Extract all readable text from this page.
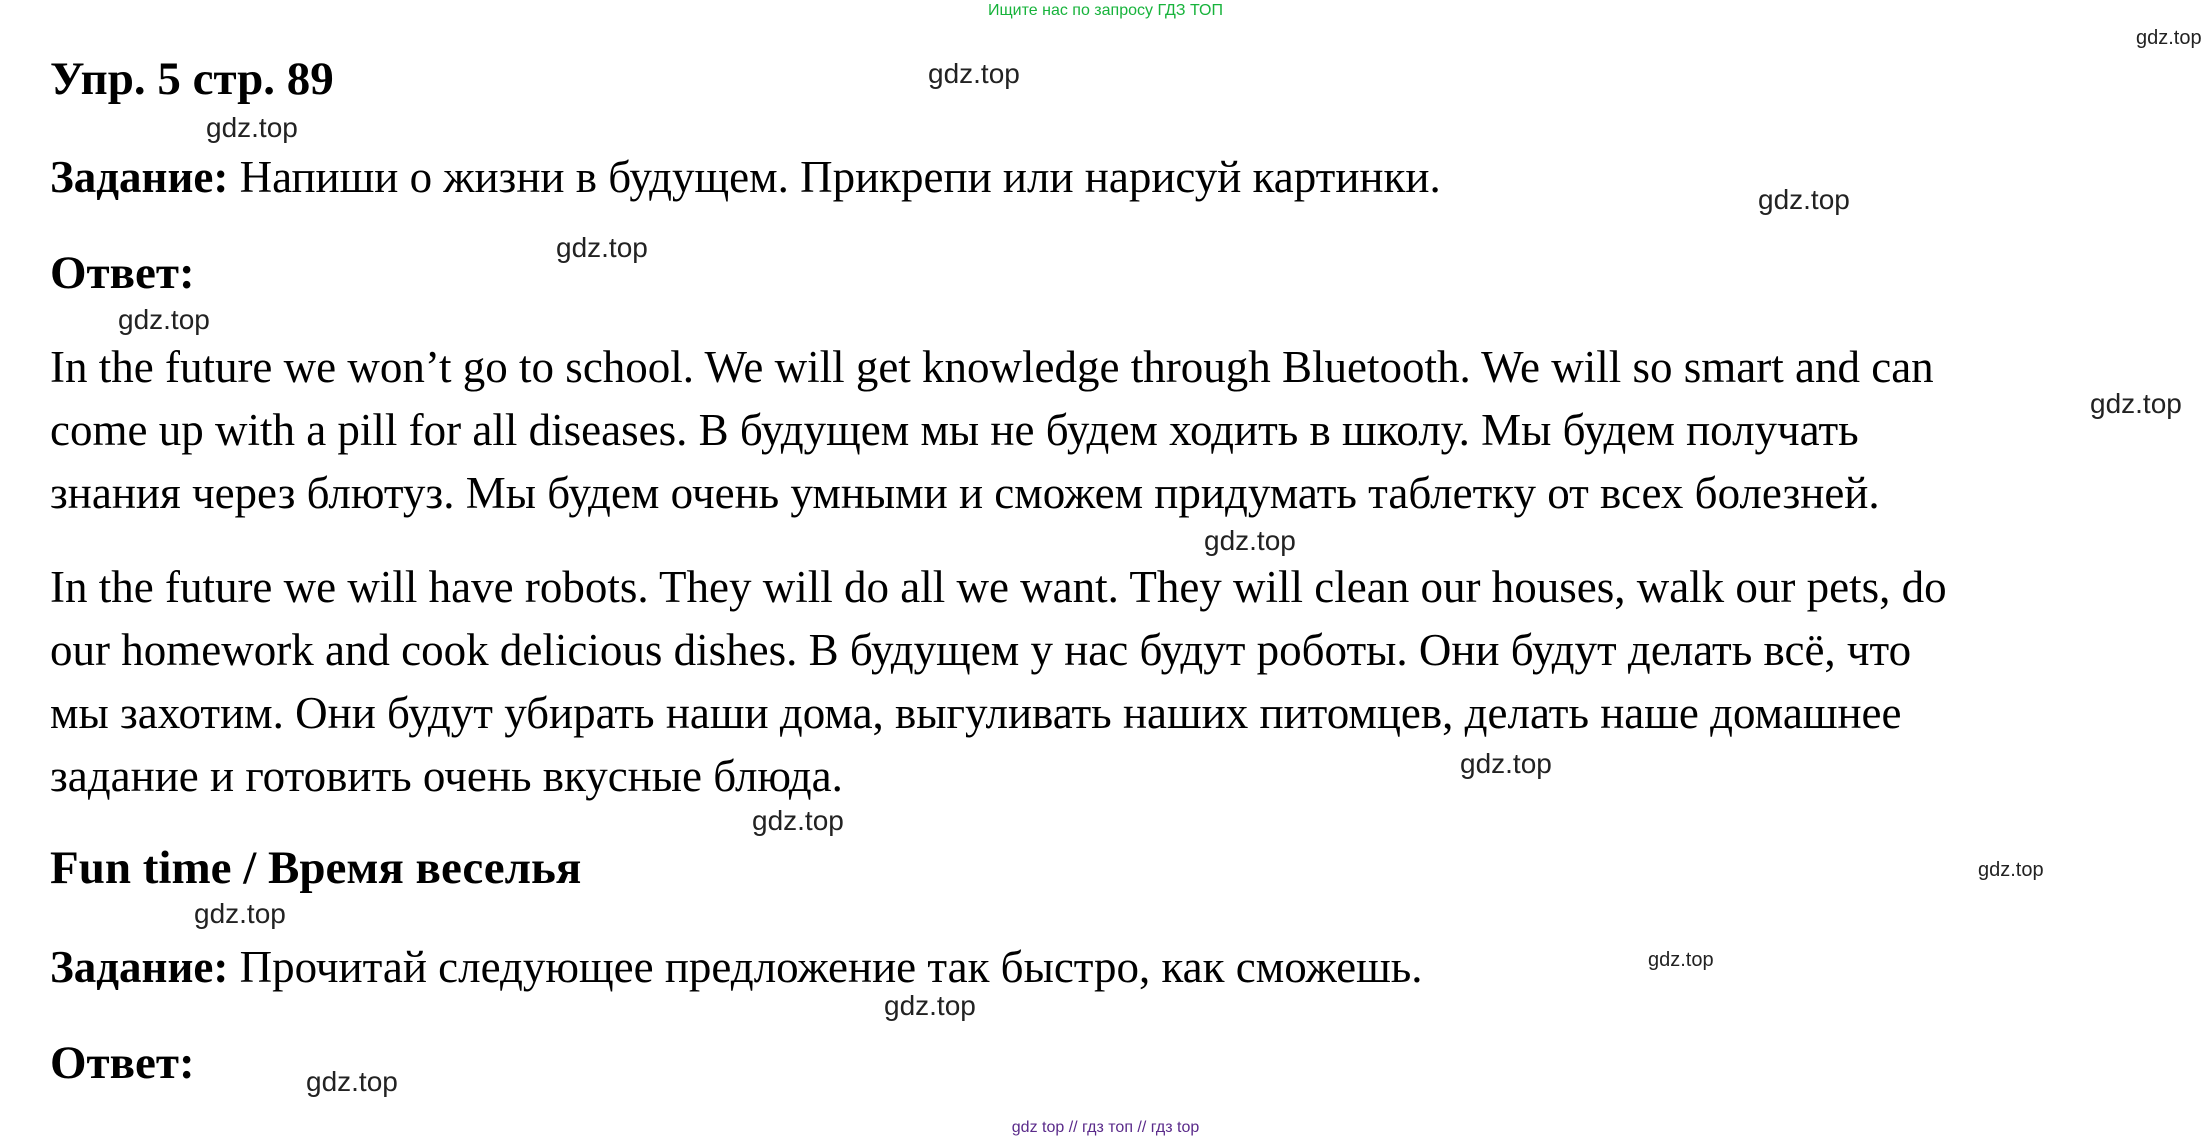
Ищите нас по запросу ГДЗ ТОП
Упр. 5 стр. 89
Задание: Напиши о жизни в будущем. Прикрепи или нарисуй картинки.
Ответ:
In the future we won’t go to school. We will get knowledge through Bluetooth. We will so smart and can
come up with a pill for all diseases. В будущем мы не будем ходить в школу. Мы будем получать
знания через блютуз. Мы будем очень умными и сможем придумать таблетку от всех болезней.
In the future we will have robots. They will do all we want. They will clean our houses, walk our pets, do
our homework and cook delicious dishes. В будущем у нас будут роботы. Они будут делать всё, что
мы захотим. Они будут убирать наши дома, выгуливать наших питомцев, делать наше домашнее
задание и готовить очень вкусные блюда.
Fun time / Время веселья
Задание: Прочитай следующее предложение так быстро, как сможешь.
Ответ:
gdz.top
gdz.top
gdz.top
gdz.top
gdz.top
gdz.top
gdz.top
gdz.top
gdz.top
gdz.top
gdz.top
gdz.top
gdz.top
gdz.top
gdz.top
gdz top // гдз топ // гдз top
